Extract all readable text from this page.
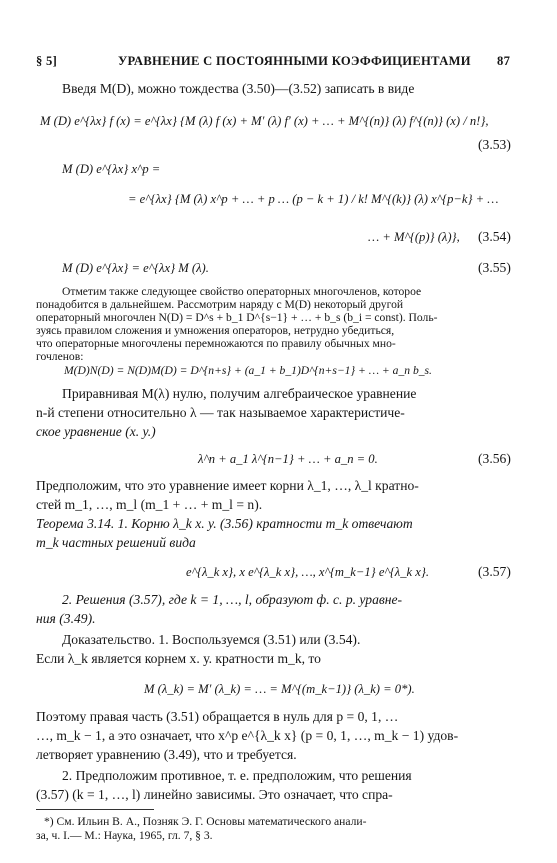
§ 5]	УРАВНЕНИЕ С ПОСТОЯННЫМИ КОЭФФИЦИЕНТАМИ 87
Введя M(D), можно тождества (3.50)—(3.52) записать в виде
M (D) e^{λx} f (x) = e^{λx} {M (λ) f (x) + M′ (λ) f′ (x) + … + M^{(n)} (λ) f^{(n)} (x) / n!},
(3.53)
M (D) e^{λx} x^p =
= e^{λx} {M (λ) x^p + … + p … (p − k + 1) / k! M^{(k)} (λ) x^{p−k} + …
… + M^{(p)} (λ)}, (3.54)
M (D) e^{λx} = e^{λx} M (λ).	(3.55)
Отметим также следующее свойство операторных многочленов, которое
понадобится в дальнейшем. Рассмотрим наряду с M(D) некоторый другой
операторный многочлен N(D) = D^s + b_1 D^{s−1} + … + b_s (b_i = const). Поль-
зуясь правилом сложения и умножения операторов, нетрудно убедиться,
что операторные многочлены перемножаются по правилу обычных мно-
гочленов:
M(D)N(D) = N(D)M(D) = D^{n+s} + (a_1 + b_1)D^{n+s−1} + … + a_n b_s.
Приравнивая M(λ) нулю, получим алгебраическое уравнение
n-й степени относительно λ — так называемое характеристиче-
ское уравнение (х. у.)
λ^n + a_1 λ^{n−1} + … + a_n = 0.	(3.56)
Предположим, что это уравнение имеет корни λ_1, …, λ_l кратно-
стей m_1, …, m_l (m_1 + … + m_l = n).
Теорема 3.14. 1. Корню λ_k х. у. (3.56) кратности m_k отвечают
m_k частных решений вида
e^{λ_k x}, x e^{λ_k x}, …, x^{m_k−1} e^{λ_k x}.	(3.57)
2. Решения (3.57), где k = 1, …, l, образуют ф. с. р. уравне-
ния (3.49).
Доказательство. 1. Воспользуемся (3.51) или (3.54).
Если λ_k является корнем х. у. кратности m_k, то
M (λ_k) = M′ (λ_k) = … = M^{(m_k−1)} (λ_k) = 0*).
Поэтому правая часть (3.51) обращается в нуль для p = 0, 1, …
…, m_k − 1, а это означает, что x^p e^{λ_k x} (p = 0, 1, …, m_k − 1) удов-
летворяет уравнению (3.49), что и требуется.
2. Предположим противное, т. е. предположим, что решения
(3.57) (k = 1, …, l) линейно зависимы. Это означает, что спра-
*) См. Ильин В. А., Позняк Э. Г. Основы математического анали-
за, ч. I.— М.: Наука, 1965, гл. 7, § 3.
